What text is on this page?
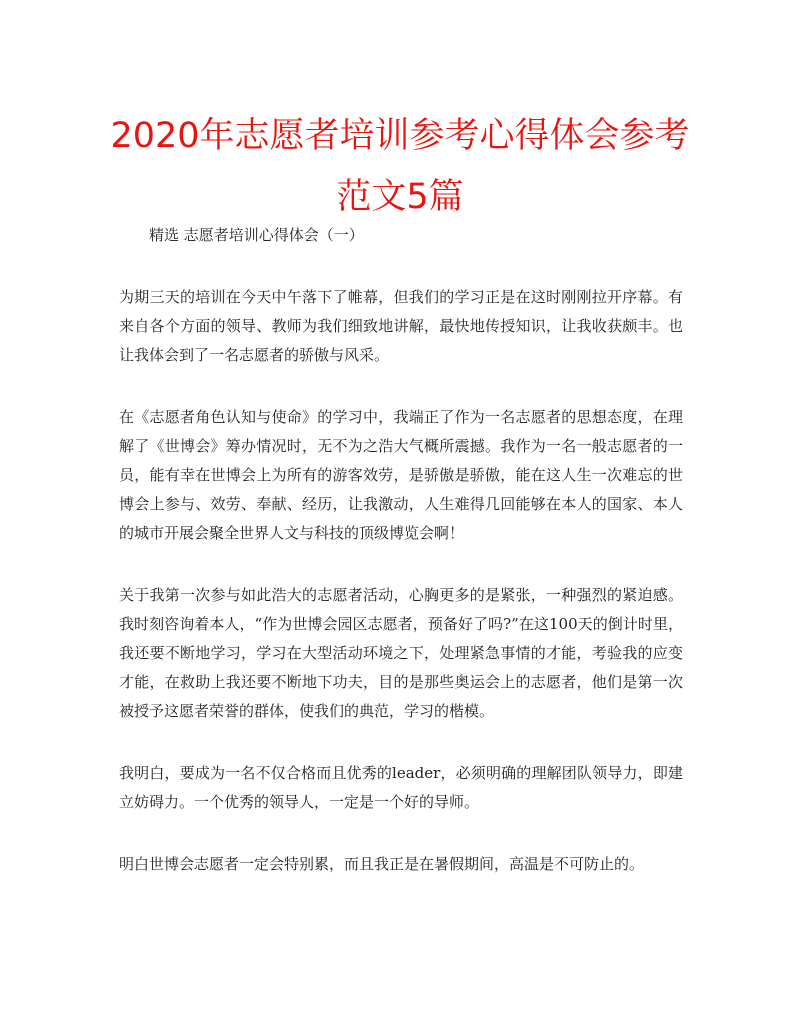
2020年志愿者培训参考心得体会参考范文5篇

精选 志愿者培训心得体会（一）

为期三天的培训在今天中午落下了帷幕，但我们的学习正是在这时刚刚拉开序幕。有来自各个方面的领导、教师为我们细致地讲解，最快地传授知识，让我收获颇丰。也让我体会到了一名志愿者的骄傲与风采。

在《志愿者角色认知与使命》的学习中，我端正了作为一名志愿者的思想态度，在理解了《世博会》筹办情况时，无不为之浩大气概所震撼。我作为一名一般志愿者的一员，能有幸在世博会上为所有的游客效劳，是骄傲是骄傲，能在这人生一次难忘的世博会上参与、效劳、奉献、经历，让我激动，人生难得几回能够在本人的国家、本人的城市开展会聚全世界人文与科技的顶级博览会啊！

关于我第一次参与如此浩大的志愿者活动，心胸更多的是紧张，一种强烈的紧迫感。我时刻咨询着本人，“作为世博会园区志愿者，预备好了吗?”在这100天的倒计时里，我还要不断地学习，学习在大型活动环境之下，处理紧急事情的才能，考验我的应变才能，在救助上我还要不断地下功夫，目的是那些奥运会上的志愿者，他们是第一次被授予这愿者荣誉的群体，使我们的典范，学习的楷模。

我明白，要成为一名不仅合格而且优秀的leader，必须明确的理解团队领导力，即建立妨碍力。一个优秀的领导人，一定是一个好的导师。

明白世博会志愿者一定会特别累，而且我正是在暑假期间，高温是不可防止的。
